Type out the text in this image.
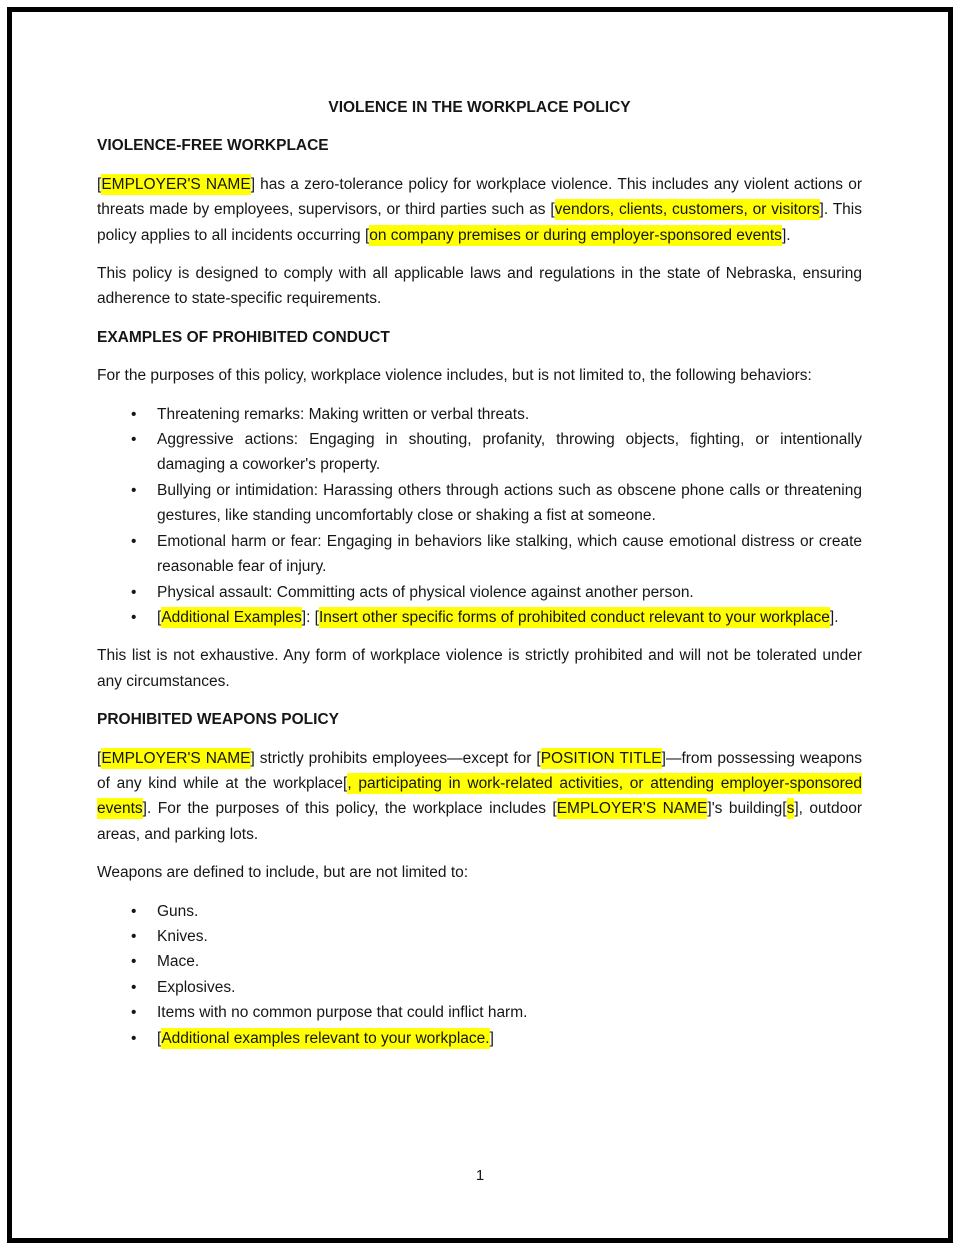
VIOLENCE IN THE WORKPLACE POLICY
VIOLENCE-FREE WORKPLACE

[EMPLOYER'S NAME] has a zero-tolerance policy for workplace violence. This includes any violent actions or threats made by employees, supervisors, or third parties such as [vendors, clients, customers, or visitors]. This policy applies to all incidents occurring [on company premises or during employer-sponsored events].

This policy is designed to comply with all applicable laws and regulations in the state of Nebraska, ensuring adherence to state-specific requirements.

EXAMPLES OF PROHIBITED CONDUCT

For the purposes of this policy, workplace violence includes, but is not limited to, the following behaviors:

• Threatening remarks: Making written or verbal threats.
• Aggressive actions: Engaging in shouting, profanity, throwing objects, fighting, or intentionally damaging a coworker's property.
• Bullying or intimidation: Harassing others through actions such as obscene phone calls or threatening gestures, like standing uncomfortably close or shaking a fist at someone.
• Emotional harm or fear: Engaging in behaviors like stalking, which cause emotional distress or create reasonable fear of injury.
• Physical assault: Committing acts of physical violence against another person.
• [Additional Examples]: [Insert other specific forms of prohibited conduct relevant to your workplace].

This list is not exhaustive. Any form of workplace violence is strictly prohibited and will not be tolerated under any circumstances.

PROHIBITED WEAPONS POLICY

[EMPLOYER'S NAME] strictly prohibits employees—except for [POSITION TITLE]—from possessing weapons of any kind while at the workplace[, participating in work-related activities, or attending employer-sponsored events]. For the purposes of this policy, the workplace includes [EMPLOYER'S NAME]'s building[s], outdoor areas, and parking lots.

Weapons are defined to include, but are not limited to:

• Guns.
• Knives.
• Mace.
• Explosives.
• Items with no common purpose that could inflict harm.
• [Additional examples relevant to your workplace.]
1
